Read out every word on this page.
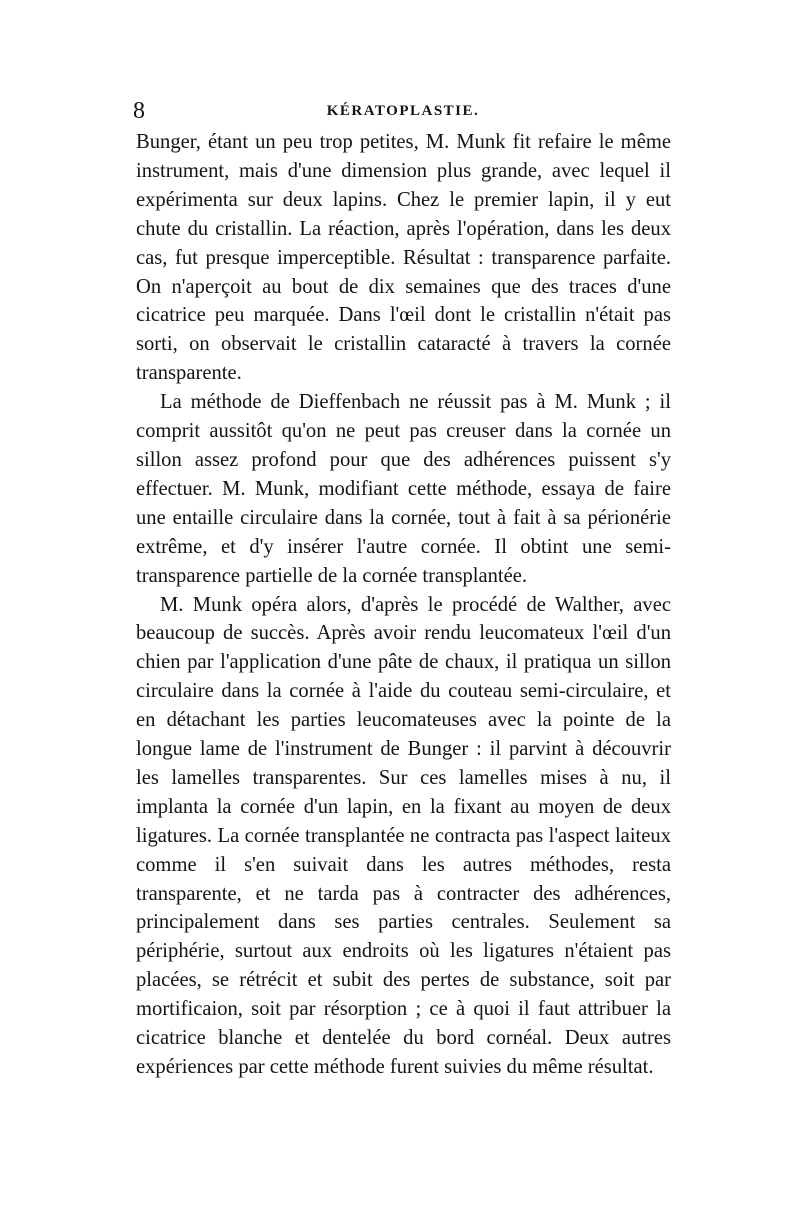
8	KÉRATOPLASTIE.

Bunger, étant un peu trop petites, M. Munk fit refaire le même instrument, mais d'une dimension plus grande, avec lequel il expérimenta sur deux lapins. Chez le premier lapin, il y eut chute du cristallin. La réaction, après l'opération, dans les deux cas, fut presque imperceptible. Résultat : transparence parfaite. On n'aperçoit au bout de dix semaines que des traces d'une cicatrice peu marquée. Dans l'œil dont le cristallin n'était pas sorti, on observait le cristallin cataracté à travers la cornée transparente.

La méthode de Dieffenbach ne réussit pas à M. Munk ; il comprit aussitôt qu'on ne peut pas creuser dans la cornée un sillon assez profond pour que des adhérences puissent s'y effectuer. M. Munk, modifiant cette méthode, essaya de faire une entaille circulaire dans la cornée, tout à fait à sa périonérie extrême, et d'y insérer l'autre cornée. Il obtint une semi-transparence partielle de la cornée transplantée.

M. Munk opéra alors, d'après le procédé de Walther, avec beaucoup de succès. Après avoir rendu leucomateux l'œil d'un chien par l'application d'une pâte de chaux, il pratiqua un sillon circulaire dans la cornée à l'aide du couteau semi-circulaire, et en détachant les parties leucomateuses avec la pointe de la longue lame de l'instrument de Bunger : il parvint à découvrir les lamelles transparentes. Sur ces lamelles mises à nu, il implanta la cornée d'un lapin, en la fixant au moyen de deux ligatures. La cornée transplantée ne contracta pas l'aspect laiteux comme il s'en suivait dans les autres méthodes, resta transparente, et ne tarda pas à contracter des adhérences, principalement dans ses parties centrales. Seulement sa périphérie, surtout aux endroits où les ligatures n'étaient pas placées, se rétrécit et subit des pertes de substance, soit par mortificaion, soit par résorption ; ce à quoi il faut attribuer la cicatrice blanche et dentelée du bord cornéal. Deux autres expériences par cette méthode furent suivies du même résultat.
